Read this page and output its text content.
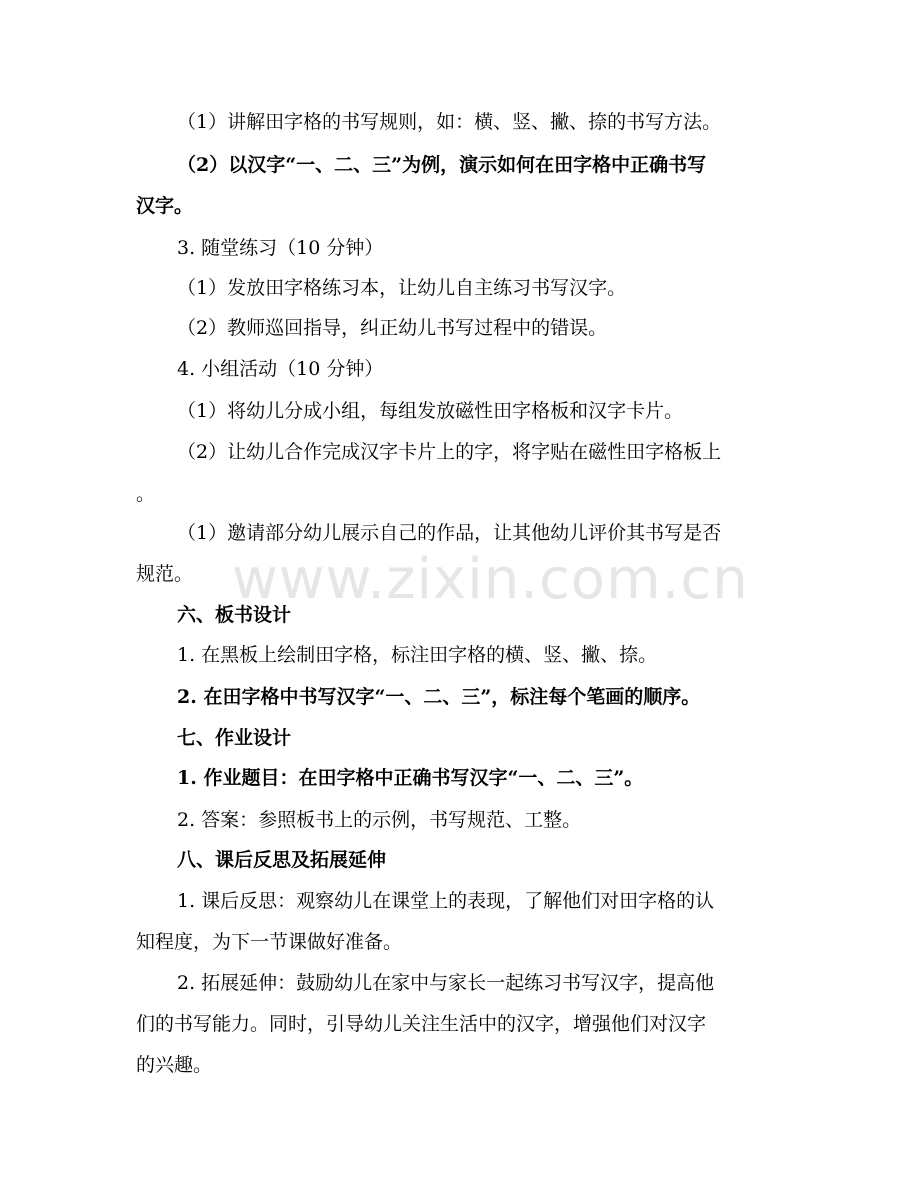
www.zixin.com.cn

（1）讲解田字格的书写规则，如：横、竖、撇、捺的书写方法。

（2）以汉字“一、二、三”为例，演示如何在田字格中正确书写

汉字。

3. 随堂练习（10 分钟）

（1）发放田字格练习本，让幼儿自主练习书写汉字。

（2）教师巡回指导，纠正幼儿书写过程中的错误。

4. 小组活动（10 分钟）

（1）将幼儿分成小组，每组发放磁性田字格板和汉字卡片。

（2）让幼儿合作完成汉字卡片上的字，将字贴在磁性田字格板上

。

（1）邀请部分幼儿展示自己的作品，让其他幼儿评价其书写是否

规范。

六、板书设计

1. 在黑板上绘制田字格，标注田字格的横、竖、撇、捺。

2. 在田字格中书写汉字“一、二、三”，标注每个笔画的顺序。

七、作业设计

1. 作业题目：在田字格中正确书写汉字“一、二、三”。

2. 答案：参照板书上的示例，书写规范、工整。

八、课后反思及拓展延伸

1. 课后反思：观察幼儿在课堂上的表现，了解他们对田字格的认

知程度，为下一节课做好准备。

2. 拓展延伸：鼓励幼儿在家中与家长一起练习书写汉字，提高他

们的书写能力。同时，引导幼儿关注生活中的汉字，增强他们对汉字

的兴趣。
